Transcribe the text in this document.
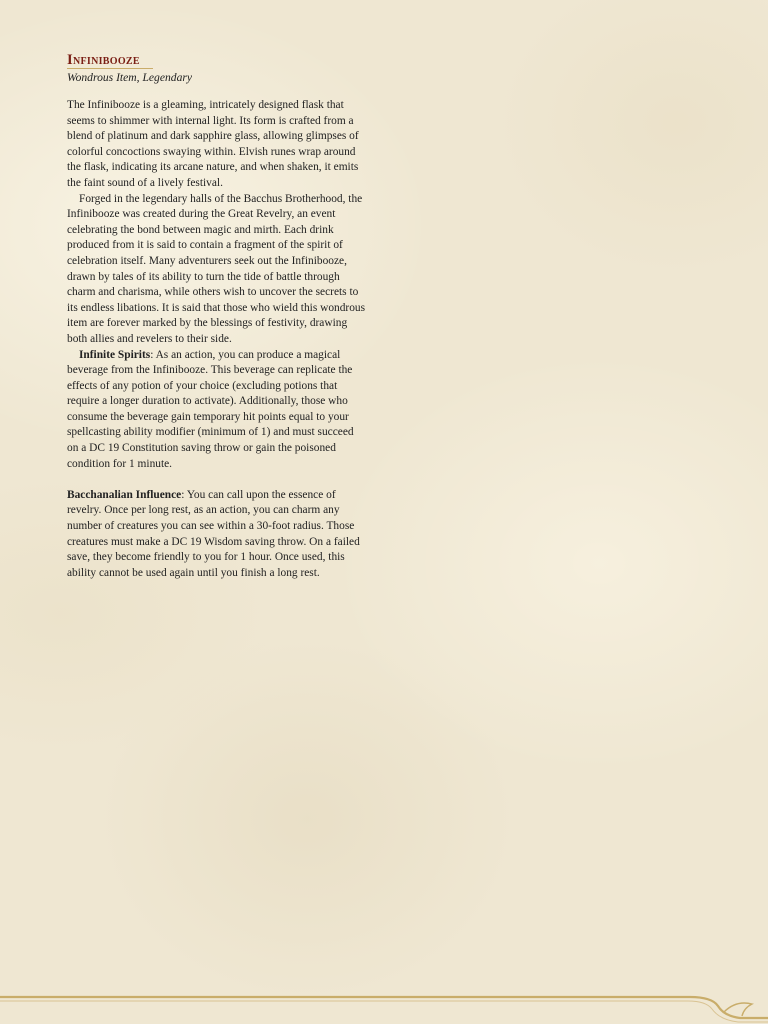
Infinibooze
Wondrous Item, Legendary

The Infinibooze is a gleaming, intricately designed flask that seems to shimmer with internal light. Its form is crafted from a blend of platinum and dark sapphire glass, allowing glimpses of colorful concoctions swaying within. Elvish runes wrap around the flask, indicating its arcane nature, and when shaken, it emits the faint sound of a lively festival.

Forged in the legendary halls of the Bacchus Brotherhood, the Infinibooze was created during the Great Revelry, an event celebrating the bond between magic and mirth. Each drink produced from it is said to contain a fragment of the spirit of celebration itself. Many adventurers seek out the Infinibooze, drawn by tales of its ability to turn the tide of battle through charm and charisma, while others wish to uncover the secrets to its endless libations. It is said that those who wield this wondrous item are forever marked by the blessings of festivity, drawing both allies and revelers to their side.

Infinite Spirits: As an action, you can produce a magical beverage from the Infinibooze. This beverage can replicate the effects of any potion of your choice (excluding potions that require a longer duration to activate). Additionally, those who consume the beverage gain temporary hit points equal to your spellcasting ability modifier (minimum of 1) and must succeed on a DC 19 Constitution saving throw or gain the poisoned condition for 1 minute.

Bacchanalian Influence: You can call upon the essence of revelry. Once per long rest, as an action, you can charm any number of creatures you can see within a 30-foot radius. Those creatures must make a DC 19 Wisdom saving throw. On a failed save, they become friendly to you for 1 hour. Once used, this ability cannot be used again until you finish a long rest.
